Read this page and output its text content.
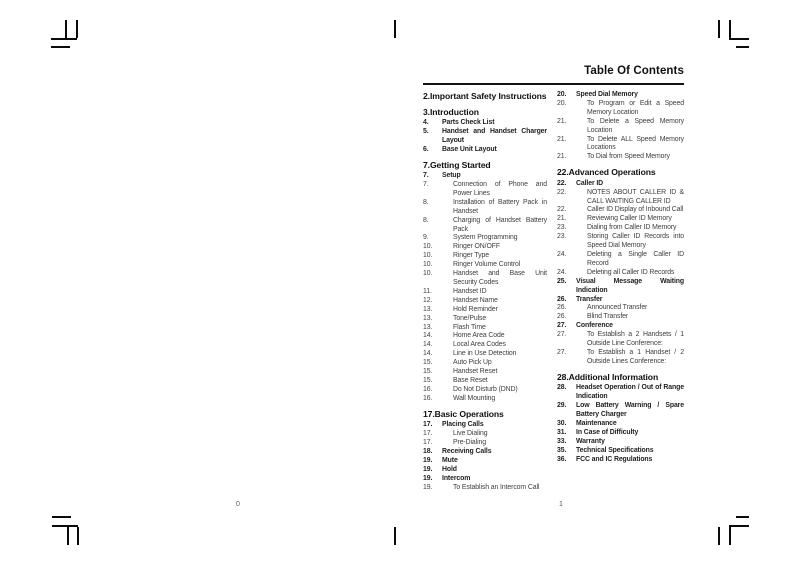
0
Table Of Contents
2.Important Safety Instructions
3.Introduction
4.	Parts Check List
5.	Handset and Handset Charger Layout
6.	Base Unit Layout
7.Getting Started
7.	Setup
7.	Connection of Phone and Power Lines
8.	Installation of Battery Pack in Handset
8.	Charging of Handset Battery Pack
9.	System Programming
10.	Ringer ON/OFF
10.	Ringer Type
10.	Ringer Volume Control
10.	Handset and Base Unit Security Codes
11.	Handset ID
12.	Handset Name
13.	Hold Reminder
13.	Tone/Pulse
13.	Flash Time
14.	Home Area Code
14.	Local Area Codes
14.	Line in Use Detection
15.	Auto Pick Up
15.	Handset Reset
15.	Base Reset
16.	Do Not Disturb (DND)
16.	Wall Mounting
17.Basic Operations
17.	Placing Calls
17.	Live Dialing
17.	Pre-Dialing
18.	Receiving Calls
19.	Mute
19.	Hold
19.	Intercom
19.	To Establish an Intercom Call
20.	Speed Dial Memory
20.	To Program or Edit a Speed Memory Location
21.	To Delete a Speed Memory Location
21.	To Delete ALL Speed Memory Locations
21.	To Dial from Speed Memory
22.Advanced Operations
22.	Caller ID
22.	NOTES ABOUT CALLER ID & CALL WAITING CALLER ID
22.	Caller ID Display of Inbound Call
21.	Reviewing Caller ID Memory
23.	Dialing from Caller ID Memory
23.	Storing Caller ID Records into Speed Dial Memory
24.	Deleting a Single Caller ID Record
24.	Deleting all Caller ID Records
25.	Visual Message Waiting Indication
26.	Transfer
26.	Announced Transfer
26.	Blind Transfer
27.	Conference
27.	To Establish a 2 Handsets / 1 Outside Line Conference:
27.	To Establish a 1 Handset / 2 Outside Lines Conference:
28.Additional Information
28.	Headset Operation / Out of Range Indication
29.	Low Battery Warning / Spare Battery Charger
30.	Maintenance
31.	In Case of Difficulty
33.	Warranty
35.	Technical Specifications
36.	FCC and IC Regulations
1
